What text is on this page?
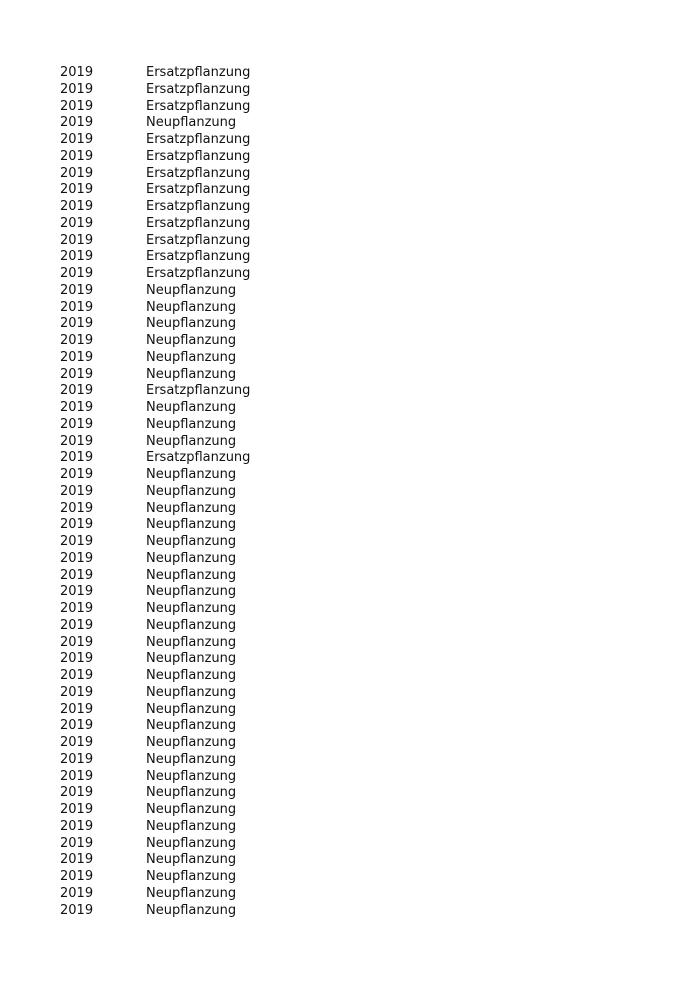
2019	Ersatzpflanzung
2019	Ersatzpflanzung
2019	Ersatzpflanzung
2019	Neupflanzung
2019	Ersatzpflanzung
2019	Ersatzpflanzung
2019	Ersatzpflanzung
2019	Ersatzpflanzung
2019	Ersatzpflanzung
2019	Ersatzpflanzung
2019	Ersatzpflanzung
2019	Ersatzpflanzung
2019	Ersatzpflanzung
2019	Neupflanzung
2019	Neupflanzung
2019	Neupflanzung
2019	Neupflanzung
2019	Neupflanzung
2019	Neupflanzung
2019	Ersatzpflanzung
2019	Neupflanzung
2019	Neupflanzung
2019	Neupflanzung
2019	Ersatzpflanzung
2019	Neupflanzung
2019	Neupflanzung
2019	Neupflanzung
2019	Neupflanzung
2019	Neupflanzung
2019	Neupflanzung
2019	Neupflanzung
2019	Neupflanzung
2019	Neupflanzung
2019	Neupflanzung
2019	Neupflanzung
2019	Neupflanzung
2019	Neupflanzung
2019	Neupflanzung
2019	Neupflanzung
2019	Neupflanzung
2019	Neupflanzung
2019	Neupflanzung
2019	Neupflanzung
2019	Neupflanzung
2019	Neupflanzung
2019	Neupflanzung
2019	Neupflanzung
2019	Neupflanzung
2019	Neupflanzung
2019	Neupflanzung
2019	Neupflanzung
